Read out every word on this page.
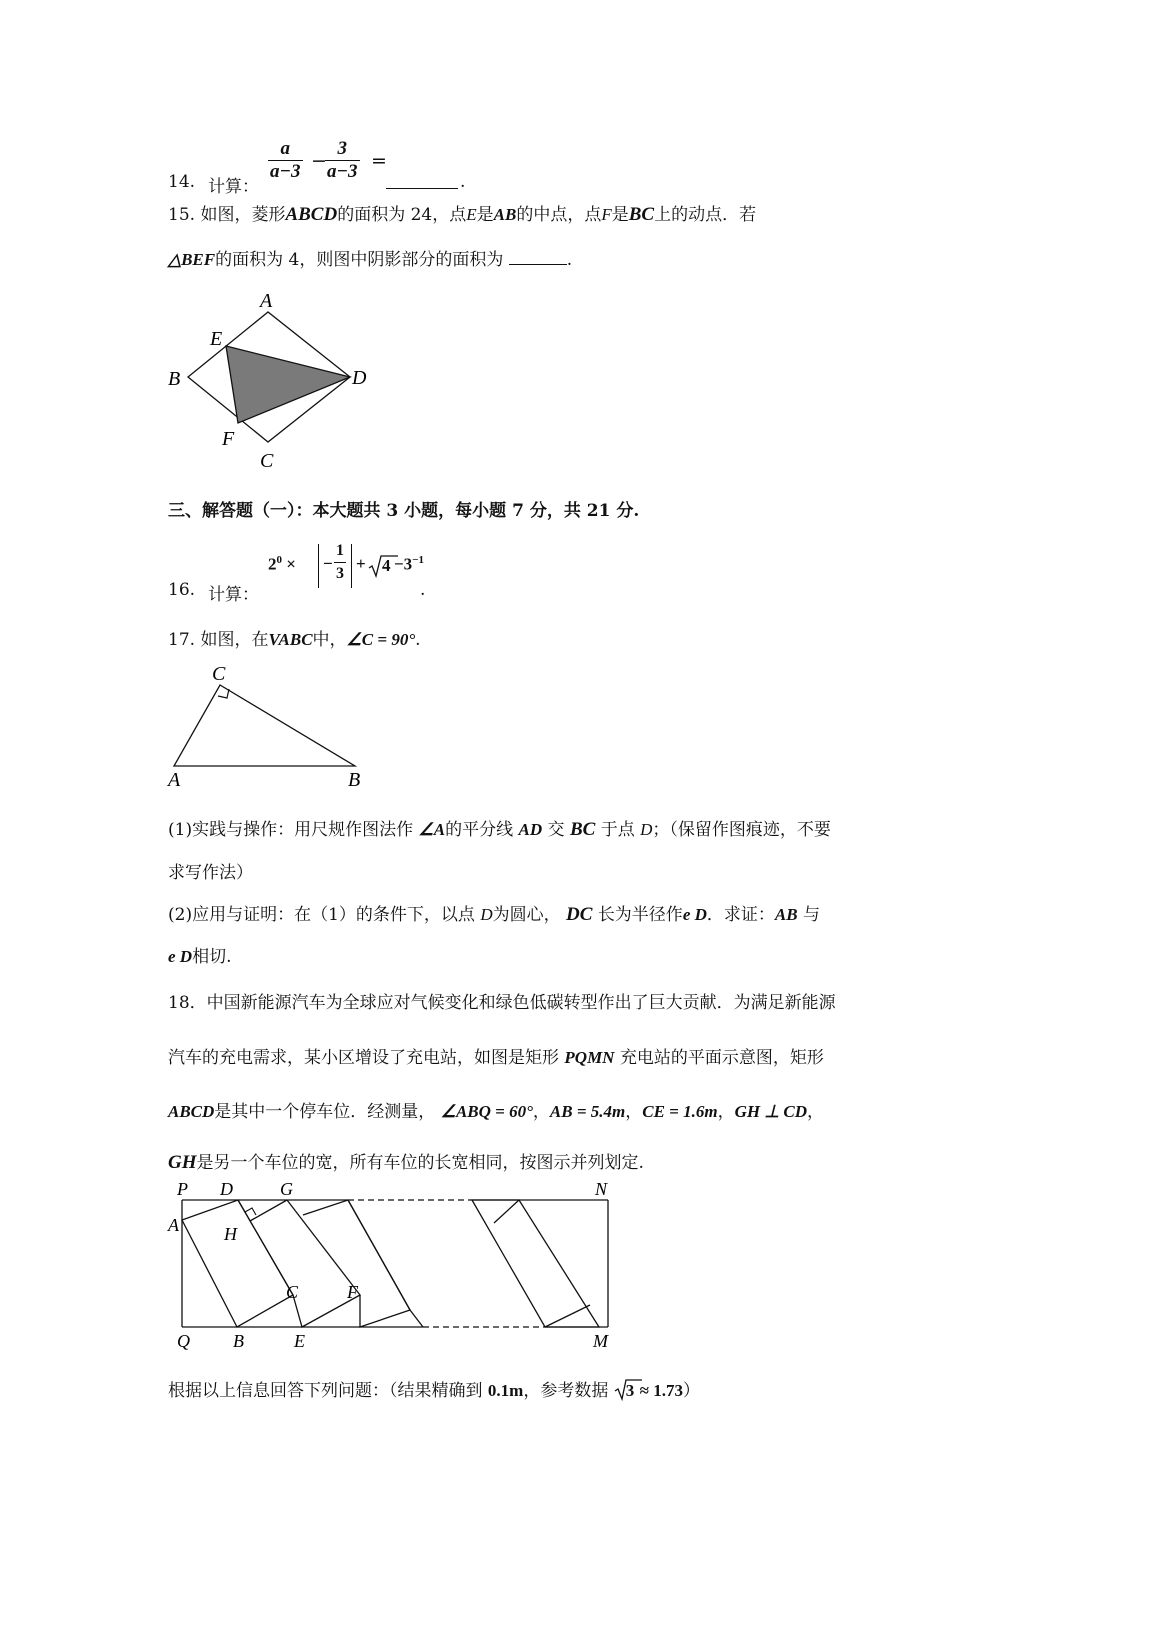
14. 计算：
$\frac{a}{a-3}$ −
$\frac{3}{a-3}$ =
.
15. 如图，菱形ABCD的面积为 24，点E是AB的中点，点F是BC上的动点．若
△BEF的面积为 4，则图中阴影部分的面积为	.
A
E
B	D
F
C
三、解答题（一）：本大题共 3 小题，每小题 7 分，共 21 分.
16. 计算：
$2^0$ × − $\frac{1}{3} + 4 -3^{-1}$
.
17. 如图，在VABC中，∠C = 90°.
C
A	B
(1)实践与操作：用尺规作图法作 ∠A的平分线 AD 交 BC 于点 D；（保留作图痕迹，不要
求写作法）
(2)应用与证明：在（1）的条件下，以点 D为圆心， DC 长为半径作e D．求证：AB 与
e D相切.
18．中国新能源汽车为全球应对气候变化和绿色低碳转型作出了巨大贡献．为满足新能源
汽车的充电需求，某小区增设了充电站，如图是矩形 PQMN 充电站的平面示意图，矩形
ABCD是其中一个停车位．经测量， ∠ABQ = 60°，AB = 5.4m，CE = 1.6m，GH ⊥ CD，
GH是另一个车位的宽，所有车位的长宽相同，按图示并列划定.
P D	G	N
A	H
C	F
Q B	E	M
根据以上信息回答下列问题：（结果精确到 0.1m，参考数据 3 ≈ 1.73）
